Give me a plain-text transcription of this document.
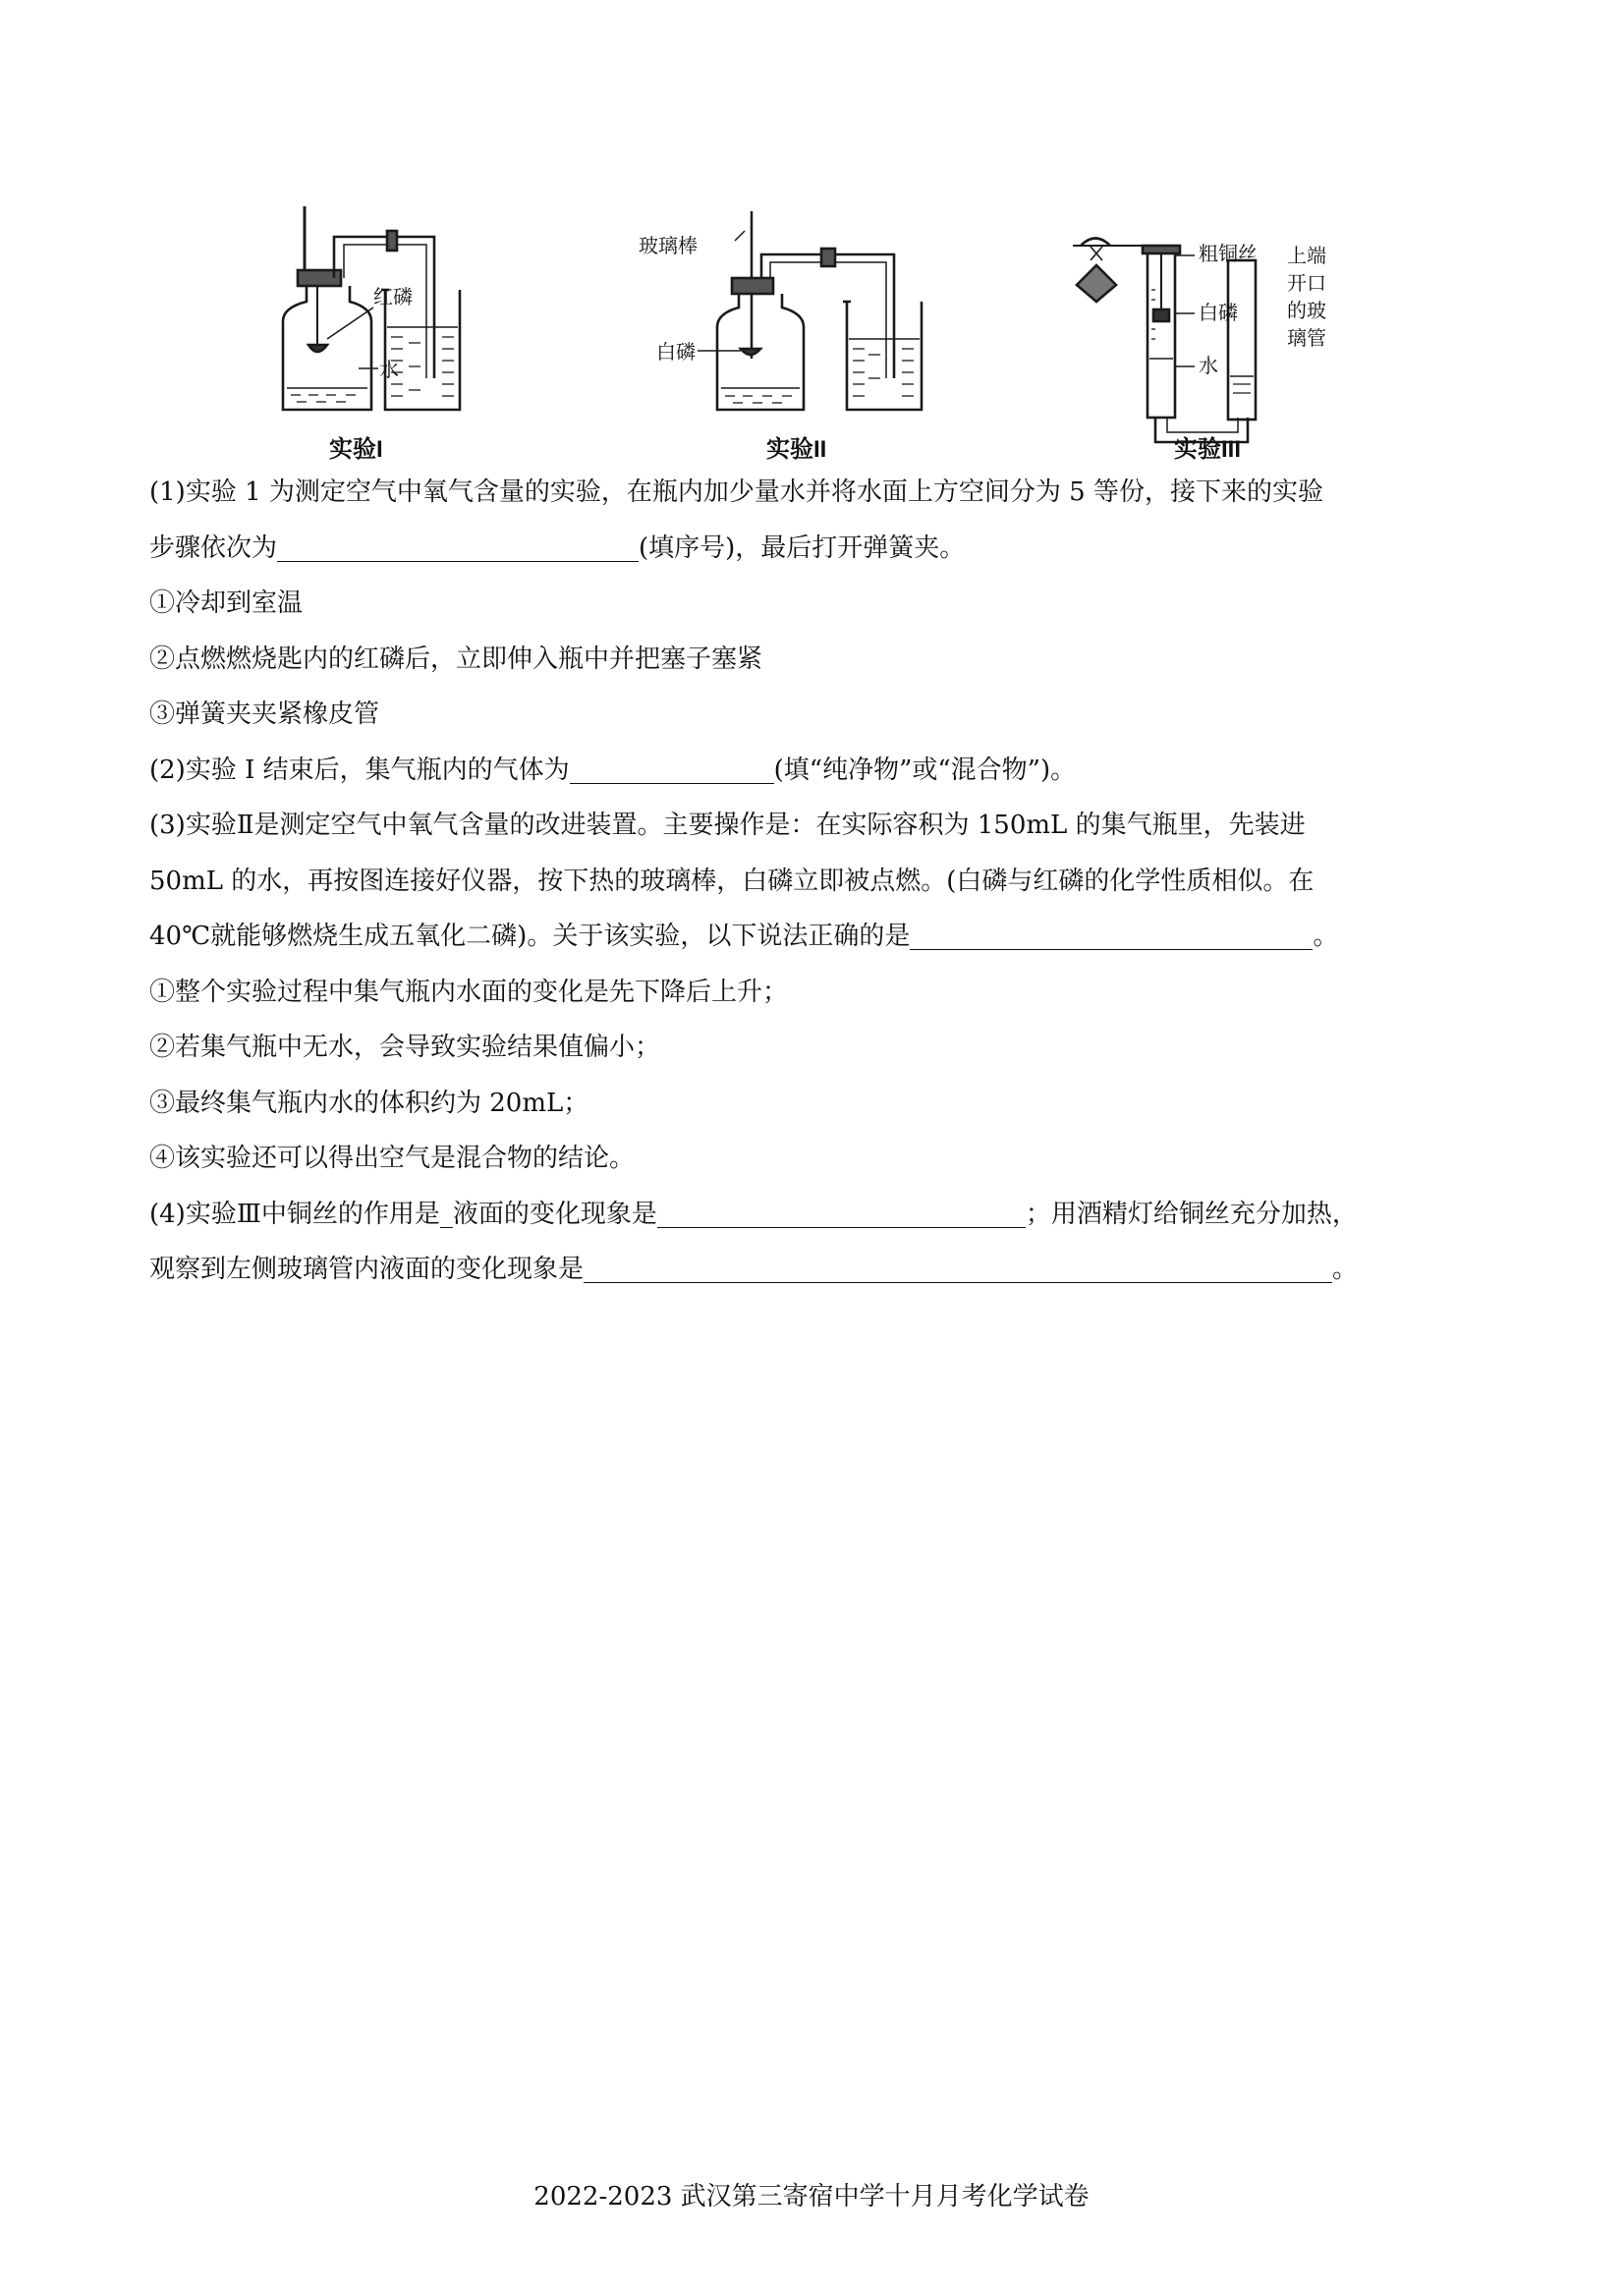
红磷
水
实验I
玻璃棒
白磷
实验II
粗铜丝
白磷
水
上端
开口
的玻
璃管
实验III
(1)实验 1 为测定空气中氧气含量的实验，在瓶内加少量水并将水面上方空间分为 5 等份，接下来的实验
步骤依次为	(填序号)，最后打开弹簧夹。
①冷却到室温
②点燃燃烧匙内的红磷后，立即伸入瓶中并把塞子塞紧
③弹簧夹夹紧橡皮管
(2)实验 I 结束后，集气瓶内的气体为	(填“纯净物”或“混合物”)。
(3)实验Ⅱ是测定空气中氧气含量的改进装置。主要操作是：在实际容积为 150mL 的集气瓶里，先装进
50mL 的水，再按图连接好仪器，按下热的玻璃棒，白磷立即被点燃。(白磷与红磷的化学性质相似。在
40℃就能够燃烧生成五氧化二磷)。关于该实验，以下说法正确的是	。
①整个实验过程中集气瓶内水面的变化是先下降后上升；
②若集气瓶中无水，会导致实验结果值偏小；
③最终集气瓶内水的体积约为 20mL；
④该实验还可以得出空气是混合物的结论。
(4)实验Ⅲ中铜丝的作用是_液面的变化现象是	；用酒精灯给铜丝充分加热，
观察到左侧玻璃管内液面的变化现象是	。
2022-2023 武汉第三寄宿中学十月月考化学试卷
